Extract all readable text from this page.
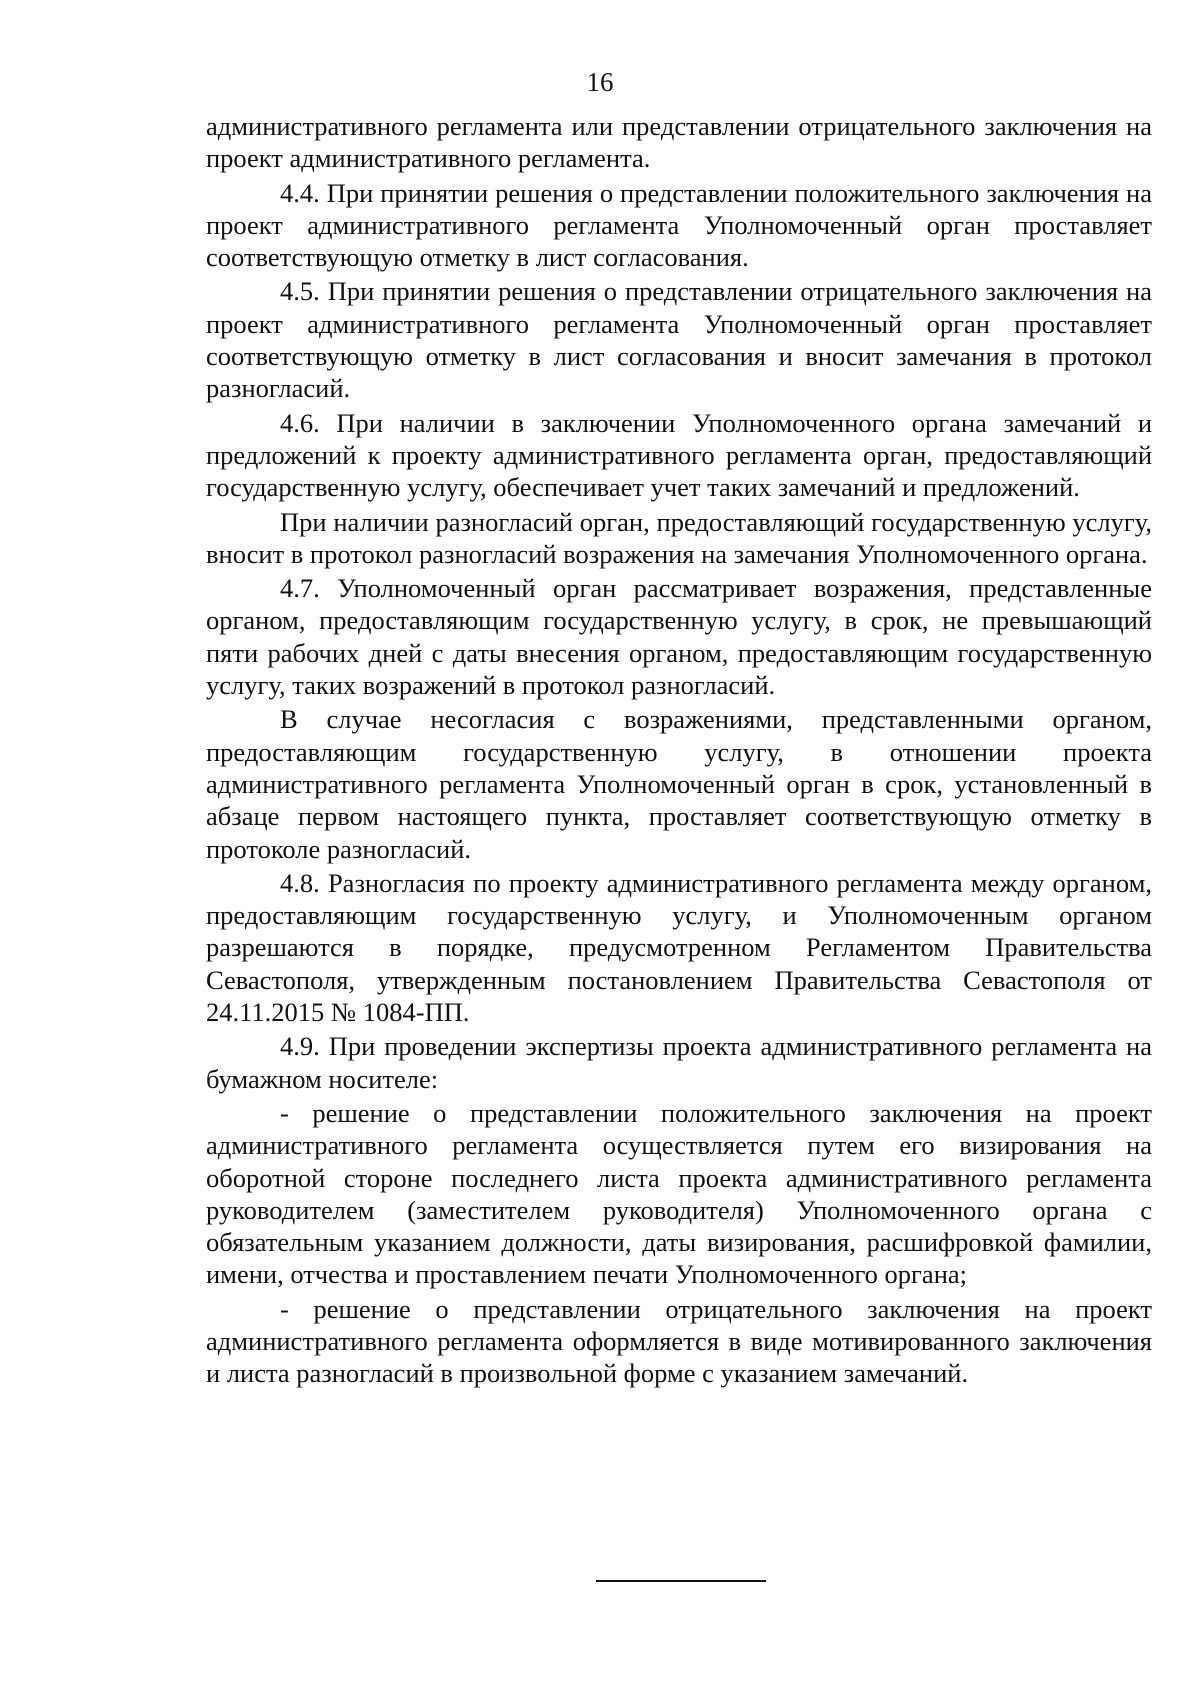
16

административного регламента или представлении отрицательного заключения на проект административного регламента.

4.4. При принятии решения о представлении положительного заключения на проект административного регламента Уполномоченный орган проставляет соответствующую отметку в лист согласования.

4.5. При принятии решения о представлении отрицательного заключения на проект административного регламента Уполномоченный орган проставляет соответствующую отметку в лист согласования и вносит замечания в протокол разногласий.

4.6. При наличии в заключении Уполномоченного органа замечаний и предложений к проекту административного регламента орган, предоставляющий государственную услугу, обеспечивает учет таких замечаний и предложений.

При наличии разногласий орган, предоставляющий государственную услугу, вносит в протокол разногласий возражения на замечания Уполномоченного органа.

4.7. Уполномоченный орган рассматривает возражения, представленные органом, предоставляющим государственную услугу, в срок, не превышающий пяти рабочих дней с даты внесения органом, предоставляющим государственную услугу, таких возражений в протокол разногласий.

В случае несогласия с возражениями, представленными органом, предоставляющим государственную услугу, в отношении проекта административного регламента Уполномоченный орган в срок, установленный в абзаце первом настоящего пункта, проставляет соответствующую отметку в протоколе разногласий.

4.8. Разногласия по проекту административного регламента между органом, предоставляющим государственную услугу, и Уполномоченным органом разрешаются в порядке, предусмотренном Регламентом Правительства Севастополя, утвержденным постановлением Правительства Севастополя от 24.11.2015 № 1084-ПП.

4.9. При проведении экспертизы проекта административного регламента на бумажном носителе:

- решение о представлении положительного заключения на проект административного регламента осуществляется путем его визирования на оборотной стороне последнего листа проекта административного регламента руководителем (заместителем руководителя) Уполномоченного органа с обязательным указанием должности, даты визирования, расшифровкой фамилии, имени, отчества и проставлением печати Уполномоченного органа;

- решение о представлении отрицательного заключения на проект административного регламента оформляется в виде мотивированного заключения и листа разногласий в произвольной форме с указанием замечаний.
